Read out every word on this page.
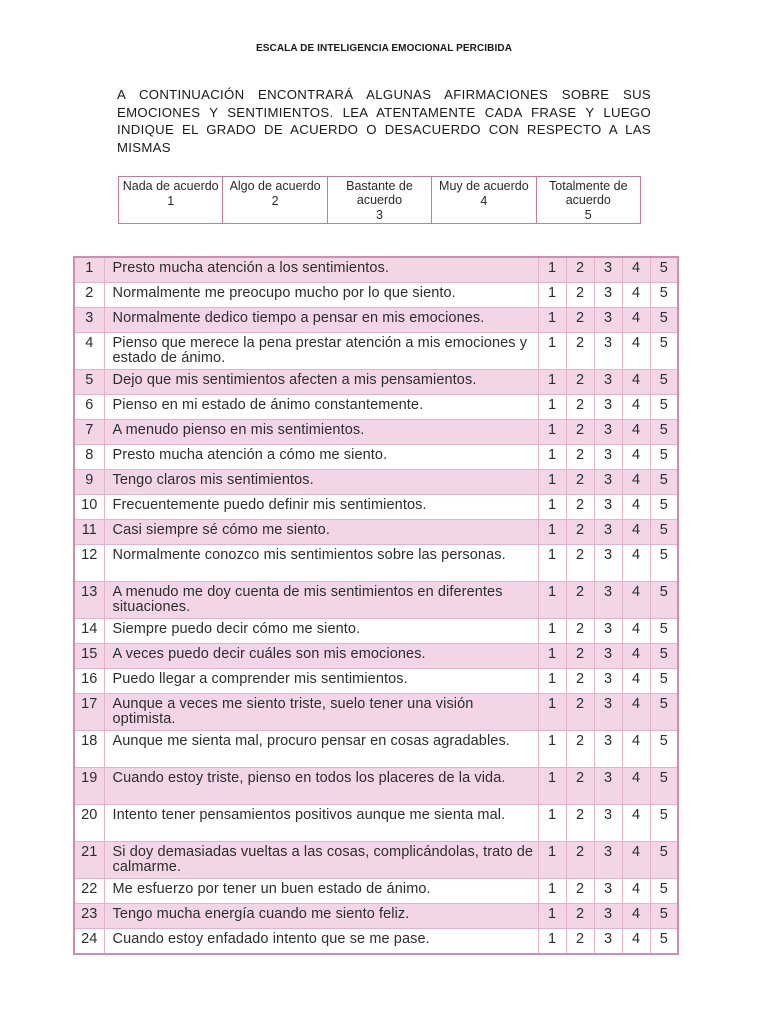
ESCALA DE INTELIGENCIA EMOCIONAL PERCIBIDA
A CONTINUACIÓN ENCONTRARÁ ALGUNAS AFIRMACIONES SOBRE SUS EMOCIONES Y SENTIMIENTOS. LEA ATENTAMENTE CADA FRASE Y LUEGO INDIQUE EL GRADO DE ACUERDO O DESACUERDO CON RESPECTO A LAS MISMAS
Nada de acuerdo
1

Algo de acuerdo
2

Bastante de acuerdo
3

Muy de acuerdo
4

Totalmente de acuerdo
5
1	Presto mucha atención a los sentimientos.	1	2	3	4	5
2	Normalmente me preocupo mucho por lo que siento.	1	2	3	4	5
3	Normalmente dedico tiempo a pensar en mis emociones.	1	2	3	4	5
4	Pienso que merece la pena prestar atención a mis emociones y estado de ánimo.	1	2	3	4	5
5	Dejo que mis sentimientos afecten a mis pensamientos.	1	2	3	4	5
6	Pienso en mi estado de ánimo constantemente.	1	2	3	4	5
7	A menudo pienso en mis sentimientos.	1	2	3	4	5
8	Presto mucha atención a cómo me siento.	1	2	3	4	5
9	Tengo claros mis sentimientos.	1	2	3	4	5
10	Frecuentemente puedo definir mis sentimientos.	1	2	3	4	5
11	Casi siempre sé cómo me siento.	1	2	3	4	5
12	Normalmente conozco mis sentimientos sobre las personas.	1	2	3	4	5
13	A menudo me doy cuenta de mis sentimientos en diferentes situaciones.	1	2	3	4	5
14	Siempre puedo decir cómo me siento.	1	2	3	4	5
15	A veces puedo decir cuáles son mis emociones.	1	2	3	4	5
16	Puedo llegar a comprender mis sentimientos.	1	2	3	4	5
17	Aunque a veces me siento triste, suelo tener una visión optimista.	1	2	3	4	5
18	Aunque me sienta mal, procuro pensar en cosas agradables.	1	2	3	4	5
19	Cuando estoy triste, pienso en todos los placeres de la vida.	1	2	3	4	5
20	Intento tener pensamientos positivos aunque me sienta mal.	1	2	3	4	5
21	Si doy demasiadas vueltas a las cosas, complicándolas, trato de calmarme.	1	2	3	4	5
22	Me esfuerzo por tener un buen estado de ánimo.	1	2	3	4	5
23	Tengo mucha energía cuando me siento feliz.	1	2	3	4	5
24	Cuando estoy enfadado intento que se me pase.	1	2	3	4	5
